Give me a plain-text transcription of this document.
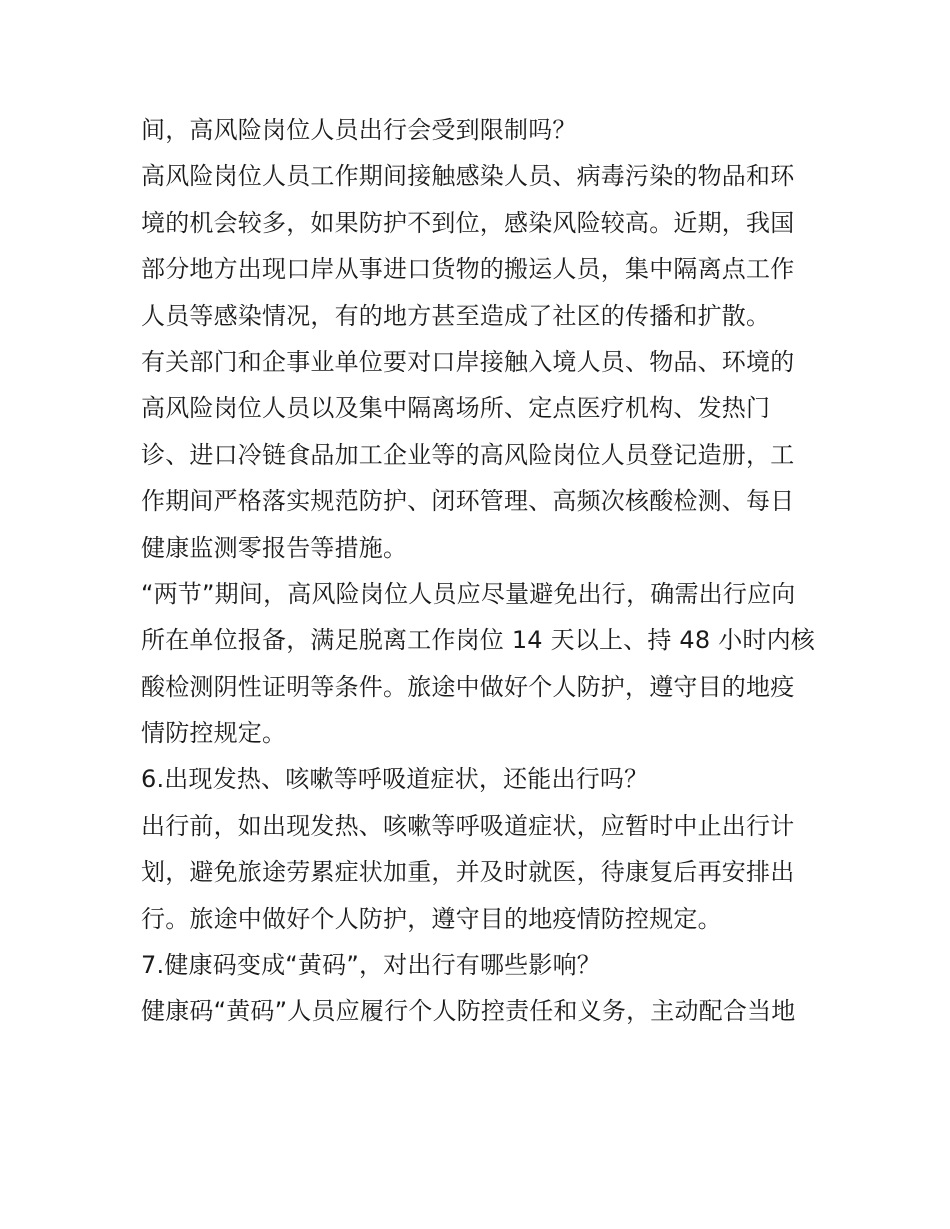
间，高风险岗位人员出行会受到限制吗？
高风险岗位人员工作期间接触感染人员、病毒污染的物品和环
境的机会较多，如果防护不到位，感染风险较高。近期，我国
部分地方出现口岸从事进口货物的搬运人员，集中隔离点工作
人员等感染情况，有的地方甚至造成了社区的传播和扩散。
有关部门和企事业单位要对口岸接触入境人员、物品、环境的
高风险岗位人员以及集中隔离场所、定点医疗机构、发热门
诊、进口冷链食品加工企业等的高风险岗位人员登记造册，工
作期间严格落实规范防护、闭环管理、高频次核酸检测、每日
健康监测零报告等措施。
“两节”期间，高风险岗位人员应尽量避免出行，确需出行应向
所在单位报备，满足脱离工作岗位 14 天以上、持 48 小时内核
酸检测阴性证明等条件。旅途中做好个人防护，遵守目的地疫
情防控规定。
6.出现发热、咳嗽等呼吸道症状，还能出行吗？
出行前，如出现发热、咳嗽等呼吸道症状，应暂时中止出行计
划，避免旅途劳累症状加重，并及时就医，待康复后再安排出
行。旅途中做好个人防护，遵守目的地疫情防控规定。
7.健康码变成“黄码”，对出行有哪些影响？
健康码“黄码”人员应履行个人防控责任和义务，主动配合当地
